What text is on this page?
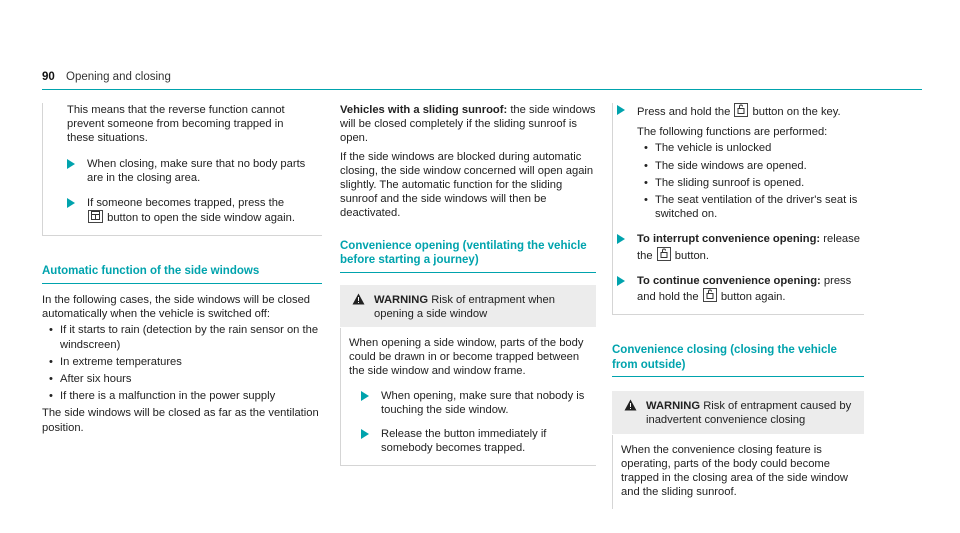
90 Opening and closing

This means that the reverse function cannot prevent someone from becoming trapped in these situations.

When closing, make sure that no body parts are in the closing area.
If someone becomes trapped, press the
button to open the side window again.
Automatic function of the side windows

In the following cases, the side windows will be closed automatically when the vehicle is switched off:

• If it starts to rain (detection by the rain sensor on the windscreen)
• In extreme temperatures
• After six hours
• If there is a malfunction in the power supply

The side windows will be closed as far as the ventilation position.

Vehicles with a sliding sunroof: the side windows will be closed completely if the sliding sunroof is open.

If the side windows are blocked during automatic closing, the side window concerned will open again slightly. The automatic function for the sliding sunroof and the side windows will then be deactivated.

Convenience opening (ventilating the vehicle before starting a journey)
WARNING Risk of entrapment when opening a side window

When opening a side window, parts of the body could be drawn in or become trapped between the side window and window frame.

When opening, make sure that nobody is touching the side window.
Release the button immediately if somebody becomes trapped.
Press and hold the button on the key.

The following functions are performed:

• The vehicle is unlocked
• The side windows are opened.
• The sliding sunroof is opened.
• The seat ventilation of the driver's seat is switched on.
To interrupt convenience opening: release the button.
To continue convenience opening: press and hold the button again.
Convenience closing (closing the vehicle from outside)
WARNING Risk of entrapment caused by inadvertent convenience closing

When the convenience closing feature is operating, parts of the body could become trapped in the closing area of the side window and the sliding sunroof.
